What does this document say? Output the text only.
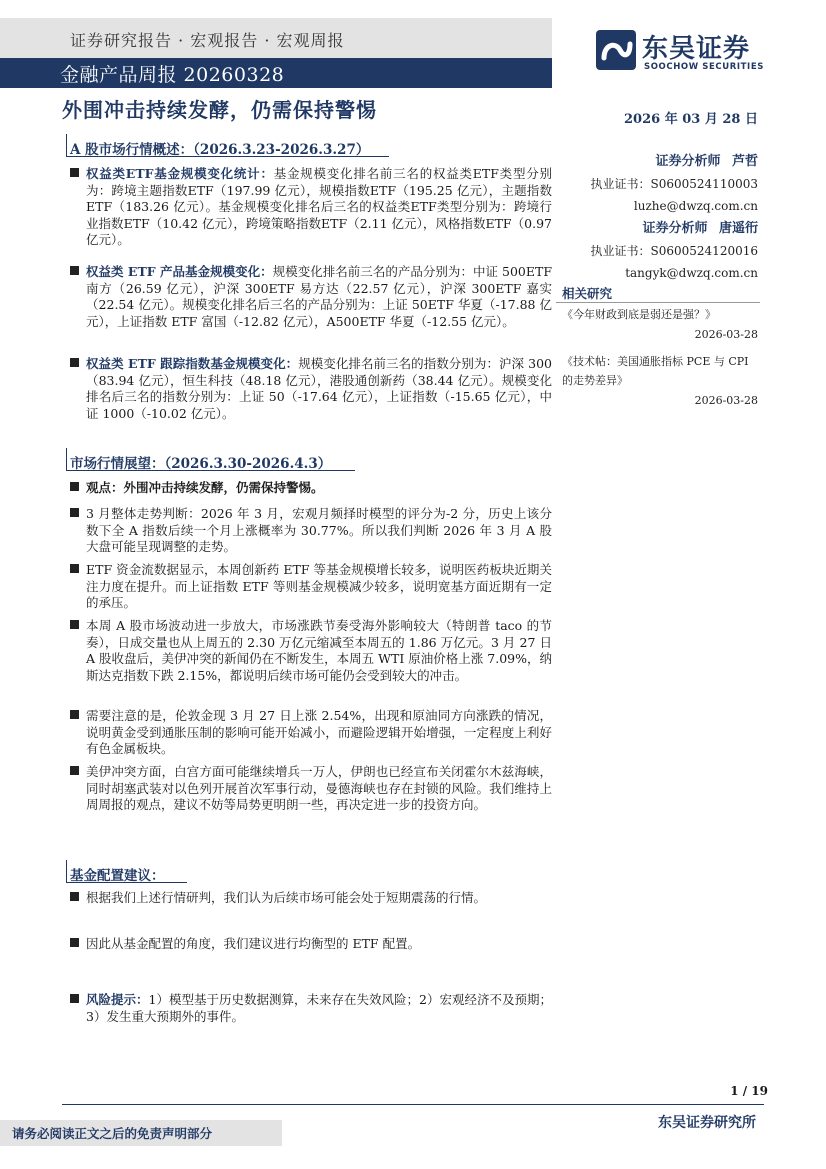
证券研究报告 · 宏观报告 · 宏观周报
金融产品周报 20260328
东吴证券
SOOCHOW SECURITIES
外围冲击持续发酵，仍需保持警惕	2026 年 03 月 28 日
证券分析师 芦哲
执业证书：S0600524110003
luzhe@dwzq.com.cn
证券分析师 唐遥衎
执业证书：S0600524120016
tangyk@dwzq.com.cn
相关研究
《今年财政到底是弱还是强？》
2026-03-28
《技术帖：美国通胀指标 PCE 与 CPI
的走势差异》
2026-03-28
A 股市场行情概述：（2026.3.23-2026.3.27）
权益类ETF基金规模变化统计：基金规模变化排名前三名的权益类ETF类型分别为：跨境主题指数ETF（197.99 亿元），规模指数ETF（195.25 亿元），主题指数ETF（183.26 亿元）。基金规模变化排名后三名的权益类ETF类型分别为：跨境行业指数ETF（10.42 亿元），跨境策略指数ETF（2.11 亿元），风格指数ETF（0.97 亿元）。
权益类 ETF 产品基金规模变化：规模变化排名前三名的产品分别为：中证 500ETF 南方（26.59 亿元），沪深 300ETF 易方达（22.57 亿元），沪深 300ETF 嘉实（22.54 亿元）。规模变化排名后三名的产品分别为：上证 50ETF 华夏（-17.88 亿元），上证指数 ETF 富国（-12.82 亿元），A500ETF 华夏（-12.55 亿元）。
权益类 ETF 跟踪指数基金规模变化：规模变化排名前三名的指数分别为：沪深 300（83.94 亿元），恒生科技（48.18 亿元），港股通创新药（38.44 亿元）。规模变化排名后三名的指数分别为：上证 50（-17.64 亿元），上证指数（-15.65 亿元），中证 1000（-10.02 亿元）。
市场行情展望：（2026.3.30-2026.4.3）
观点：外围冲击持续发酵，仍需保持警惕。
3 月整体走势判断：2026 年 3 月，宏观月频择时模型的评分为-2 分，历史上该分数下全 A 指数后续一个月上涨概率为 30.77%。所以我们判断 2026 年 3 月 A 股大盘可能呈现调整的走势。
ETF 资金流数据显示，本周创新药 ETF 等基金规模增长较多，说明医药板块近期关注力度在提升。而上证指数 ETF 等则基金规模减少较多，说明宽基方面近期有一定的承压。
本周 A 股市场波动进一步放大，市场涨跌节奏受海外影响较大（特朗普 taco 的节奏），日成交量也从上周五的 2.30 万亿元缩减至本周五的 1.86 万亿元。3 月 27 日 A 股收盘后，美伊冲突的新闻仍在不断发生，本周五 WTI 原油价格上涨 7.09%，纳斯达克指数下跌 2.15%，都说明后续市场可能仍会受到较大的冲击。
需要注意的是，伦敦金现 3 月 27 日上涨 2.54%，出现和原油同方向涨跌的情况，说明黄金受到通胀压制的影响可能开始减小，而避险逻辑开始增强，一定程度上利好有色金属板块。
美伊冲突方面，白宫方面可能继续增兵一万人，伊朗也已经宣布关闭霍尔木兹海峡，同时胡塞武装对以色列开展首次军事行动，曼德海峡也存在封锁的风险。我们维持上周周报的观点，建议不妨等局势更明朗一些，再决定进一步的投资方向。
基金配置建议：
根据我们上述行情研判，我们认为后续市场可能会处于短期震荡的行情。
因此从基金配置的角度，我们建议进行均衡型的 ETF 配置。
风险提示：1）模型基于历史数据测算，未来存在失效风险；2）宏观经济不及预期；3）发生重大预期外的事件。
1 / 19
请务必阅读正文之后的免责声明部分
东吴证券研究所
